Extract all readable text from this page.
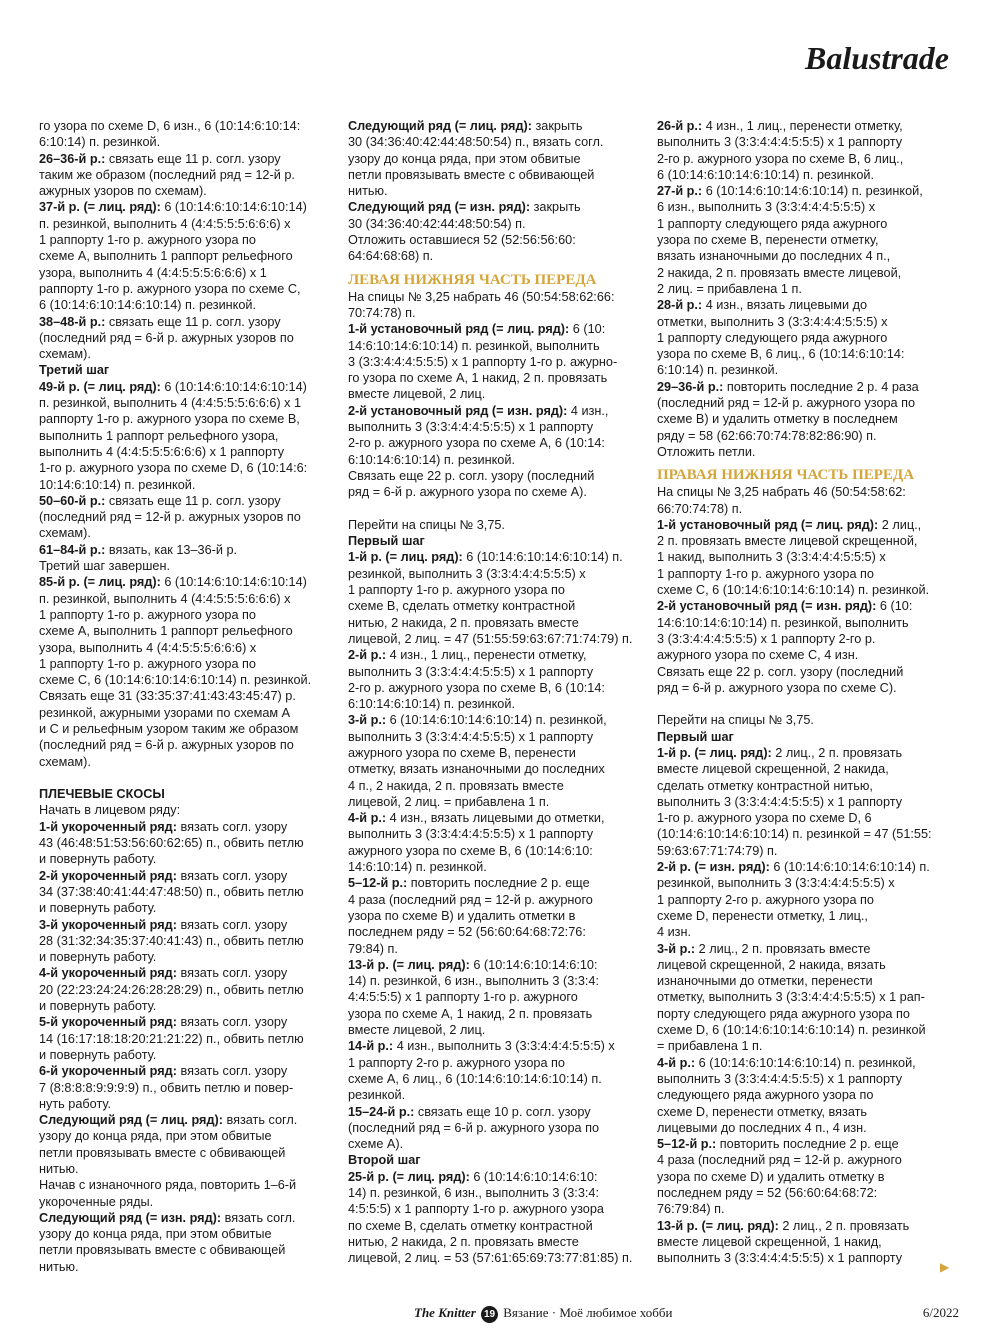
Balustrade

го узора по схеме D, 6 изн., 6 (10:14:6:10:14:

6:10:14) п. резинкой.

26–36-й р.: связать еще 11 р. согл. узору

таким же образом (последний ряд = 12-й р.

ажурных узоров по схемам).

37-й р. (= лиц. ряд): 6 (10:14:6:10:14:6:10:14)

п. резинкой, выполнить 4 (4:4:5:5:5:6:6:6) х

1 раппорту 1-го р. ажурного узора по

схеме А, выполнить 1 раппорт рельефного

узора, выполнить 4 (4:4:5:5:5:6:6:6) х 1

раппорту 1-го р. ажурного узора по схеме С,

6 (10:14:6:10:14:6:10:14) п. резинкой.

38–48-й р.: связать еще 11 р. согл. узору

(последний ряд = 6-й р. ажурных узоров по

схемам).

Третий шаг

49-й р. (= лиц. ряд): 6 (10:14:6:10:14:6:10:14)

п. резинкой, выполнить 4 (4:4:5:5:5:6:6:6) х 1

раппорту 1-го р. ажурного узора по схеме В,

выполнить 1 раппорт рельефного узора,

выполнить 4 (4:4:5:5:5:6:6:6) х 1 раппорту

1-го р. ажурного узора по схеме D, 6 (10:14:6:

10:14:6:10:14) п. резинкой.

50–60-й р.: связать еще 11 р. согл. узору

(последний ряд = 12-й р. ажурных узоров по

схемам).

61–84-й р.: вязать, как 13–36-й р.

Третий шаг завершен.

85-й р. (= лиц. ряд): 6 (10:14:6:10:14:6:10:14)

п. резинкой, выполнить 4 (4:4:5:5:5:6:6:6) х

1 раппорту 1-го р. ажурного узора по

схеме А, выполнить 1 раппорт рельефного

узора, выполнить 4 (4:4:5:5:5:6:6:6) х

1 раппорту 1-го р. ажурного узора по

схеме С, 6 (10:14:6:10:14:6:10:14) п. резинкой.

Связать еще 31 (33:35:37:41:43:43:45:47) р.

резинкой, ажурными узорами по схемам А

и С и рельефным узором таким же образом

(последний ряд = 6-й р. ажурных узоров по

схемам).

ПЛЕЧЕВЫЕ СКОСЫ

Начать в лицевом ряду:

1-й укороченный ряд: вязать согл. узору

43 (46:48:51:53:56:60:62:65) п., обвить петлю

и повернуть работу.

2-й укороченный ряд: вязать согл. узору

34 (37:38:40:41:44:47:48:50) п., обвить петлю

и повернуть работу.

3-й укороченный ряд: вязать согл. узору

28 (31:32:34:35:37:40:41:43) п., обвить петлю

и повернуть работу.

4-й укороченный ряд: вязать согл. узору

20 (22:23:24:24:26:28:28:29) п., обвить петлю

и повернуть работу.

5-й укороченный ряд: вязать согл. узору

14 (16:17:18:18:20:21:21:22) п., обвить петлю

и повернуть работу.

6-й укороченный ряд: вязать согл. узору

7 (8:8:8:8:9:9:9:9) п., обвить петлю и повер-

нуть работу.

Следующий ряд (= лиц. ряд): вязать согл.

узору до конца ряда, при этом обвитые

петли провязывать вместе с обвивающей

нитью.

Начав с изнаночного ряда, повторить 1–6-й

укороченные ряды.

Следующий ряд (= изн. ряд): вязать согл.

узору до конца ряда, при этом обвитые

петли провязывать вместе с обвивающей

нитью.

Следующий ряд (= лиц. ряд): закрыть

30 (34:36:40:42:44:48:50:54) п., вязать согл.

узору до конца ряда, при этом обвитые

петли провязывать вместе с обвивающей

нитью.

Следующий ряд (= изн. ряд): закрыть

30 (34:36:40:42:44:48:50:54) п.

Отложить оставшиеся 52 (52:56:56:60:

64:64:68:68) п.

ЛЕВАЯ НИЖНЯЯ ЧАСТЬ ПЕРЕДА

На спицы № 3,25 набрать 46 (50:54:58:62:66:

70:74:78) п.

1-й установочный ряд (= лиц. ряд): 6 (10:

14:6:10:14:6:10:14) п. резинкой, выполнить

3 (3:3:4:4:4:5:5:5) х 1 раппорту 1-го р. ажурно-

го узора по схеме А, 1 накид, 2 п. провязать

вместе лицевой, 2 лиц.

2-й установочный ряд (= изн. ряд): 4 изн.,

выполнить 3 (3:3:4:4:4:5:5:5) х 1 раппорту

2-го р. ажурного узора по схеме А, 6 (10:14:

6:10:14:6:10:14) п. резинкой.

Связать еще 22 р. согл. узору (последний

ряд = 6-й р. ажурного узора по схеме А).

Перейти на спицы № 3,75.

Первый шаг

1-й р. (= лиц. ряд): 6 (10:14:6:10:14:6:10:14) п.

резинкой, выполнить 3 (3:3:4:4:4:5:5:5) х

1 раппорту 1-го р. ажурного узора по

схеме В, сделать отметку контрастной

нитью, 2 накида, 2 п. провязать вместе

лицевой, 2 лиц. = 47 (51:55:59:63:67:71:74:79) п.

2-й р.: 4 изн., 1 лиц., перенести отметку,

выполнить 3 (3:3:4:4:4:5:5:5) х 1 раппорту

2-го р. ажурного узора по схеме В, 6 (10:14:

6:10:14:6:10:14) п. резинкой.

3-й р.: 6 (10:14:6:10:14:6:10:14) п. резинкой,

выполнить 3 (3:3:4:4:4:5:5:5) х 1 раппорту

ажурного узора по схеме В, перенести

отметку, вязать изнаночными до последних

4 п., 2 накида, 2 п. провязать вместе

лицевой, 2 лиц. = прибавлена 1 п.

4-й р.: 4 изн., вязать лицевыми до отметки,

выполнить 3 (3:3:4:4:4:5:5:5) х 1 раппорту

ажурного узора по схеме В, 6 (10:14:6:10:

14:6:10:14) п. резинкой.

5–12-й р.: повторить последние 2 р. еще

4 раза (последний ряд = 12-й р. ажурного

узора по схеме В) и удалить отметки в

последнем ряду = 52 (56:60:64:68:72:76:

79:84) п.

13-й р. (= лиц. ряд): 6 (10:14:6:10:14:6:10:

14) п. резинкой, 6 изн., выполнить 3 (3:3:4:

4:4:5:5:5) х 1 раппорту 1-го р. ажурного

узора по схеме А, 1 накид, 2 п. провязать

вместе лицевой, 2 лиц.

14-й р.: 4 изн., выполнить 3 (3:3:4:4:4:5:5:5) х

1 раппорту 2-го р. ажурного узора по

схеме А, 6 лиц., 6 (10:14:6:10:14:6:10:14) п.

резинкой.

15–24-й р.: связать еще 10 р. согл. узору

(последний ряд = 6-й р. ажурного узора по

схеме А).

Второй шаг

25-й р. (= лиц. ряд): 6 (10:14:6:10:14:6:10:

14) п. резинкой, 6 изн., выполнить 3 (3:3:4:

4:5:5:5) х 1 раппорту 1-го р. ажурного узора

по схеме В, сделать отметку контрастной

нитью, 2 накида, 2 п. провязать вместе

лицевой, 2 лиц. = 53 (57:61:65:69:73:77:81:85) п.

26-й р.: 4 изн., 1 лиц., перенести отметку,

выполнить 3 (3:3:4:4:4:5:5:5) х 1 раппорту

2-го р. ажурного узора по схеме В, 6 лиц.,

6 (10:14:6:10:14:6:10:14) п. резинкой.

27-й р.: 6 (10:14:6:10:14:6:10:14) п. резинкой,

6 изн., выполнить 3 (3:3:4:4:4:5:5:5) х

1 раппорту следующего ряда ажурного

узора по схеме В, перенести отметку,

вязать изнаночными до последних 4 п.,

2 накида, 2 п. провязать вместе лицевой,

2 лиц. = прибавлена 1 п.

28-й р.: 4 изн., вязать лицевыми до

отметки, выполнить 3 (3:3:4:4:4:5:5:5) х

1 раппорту следующего ряда ажурного

узора по схеме В, 6 лиц., 6 (10:14:6:10:14:

6:10:14) п. резинкой.

29–36-й р.: повторить последние 2 р. 4 раза

(последний ряд = 12-й р. ажурного узора по

схеме В) и удалить отметку в последнем

ряду = 58 (62:66:70:74:78:82:86:90) п.

Отложить петли.

ПРАВАЯ НИЖНЯЯ ЧАСТЬ ПЕРЕДА

На спицы № 3,25 набрать 46 (50:54:58:62:

66:70:74:78) п.

1-й установочный ряд (= лиц. ряд): 2 лиц.,

2 п. провязать вместе лицевой скрещенной,

1 накид, выполнить 3 (3:3:4:4:4:5:5:5) х

1 раппорту 1-го р. ажурного узора по

схеме С, 6 (10:14:6:10:14:6:10:14) п. резинкой.

2-й установочный ряд (= изн. ряд): 6 (10:

14:6:10:14:6:10:14) п. резинкой, выполнить

3 (3:3:4:4:4:5:5:5) х 1 раппорту 2-го р.

ажурного узора по схеме С, 4 изн.

Связать еще 22 р. согл. узору (последний

ряд = 6-й р. ажурного узора по схеме С).

Перейти на спицы № 3,75.

Первый шаг

1-й р. (= лиц. ряд): 2 лиц., 2 п. провязать

вместе лицевой скрещенной, 2 накида,

сделать отметку контрастной нитью,

выполнить 3 (3:3:4:4:4:5:5:5) х 1 раппорту

1-го р. ажурного узора по схеме D, 6

(10:14:6:10:14:6:10:14) п. резинкой = 47 (51:55:

59:63:67:71:74:79) п.

2-й р. (= изн. ряд): 6 (10:14:6:10:14:6:10:14) п.

резинкой, выполнить 3 (3:3:4:4:4:5:5:5) х

1 раппорту 2-го р. ажурного узора по

схеме D, перенести отметку, 1 лиц.,

4 изн.

3-й р.: 2 лиц., 2 п. провязать вместе

лицевой скрещенной, 2 накида, вязать

изнаночными до отметки, перенести

отметку, выполнить 3 (3:3:4:4:4:5:5:5) х 1 рап-

порту следующего ряда ажурного узора по

схеме D, 6 (10:14:6:10:14:6:10:14) п. резинкой

= прибавлена 1 п.

4-й р.: 6 (10:14:6:10:14:6:10:14) п. резинкой,

выполнить 3 (3:3:4:4:4:5:5:5) х 1 раппорту

следующего ряда ажурного узора по

схеме D, перенести отметку, вязать

лицевыми до последних 4 п., 4 изн.

5–12-й р.: повторить последние 2 р. еще

4 раза (последний ряд = 12-й р. ажурного

узора по схеме D) и удалить отметку в

последнем ряду = 52 (56:60:64:68:72:

76:79:84) п.

13-й р. (= лиц. ряд): 2 лиц., 2 п. провязать

вместе лицевой скрещенной, 1 накид,

выполнить 3 (3:3:4:4:4:5:5:5) х 1 раппорту

▶
The Knitter 19 Вязание · Моё любимое хобби	6/2022
